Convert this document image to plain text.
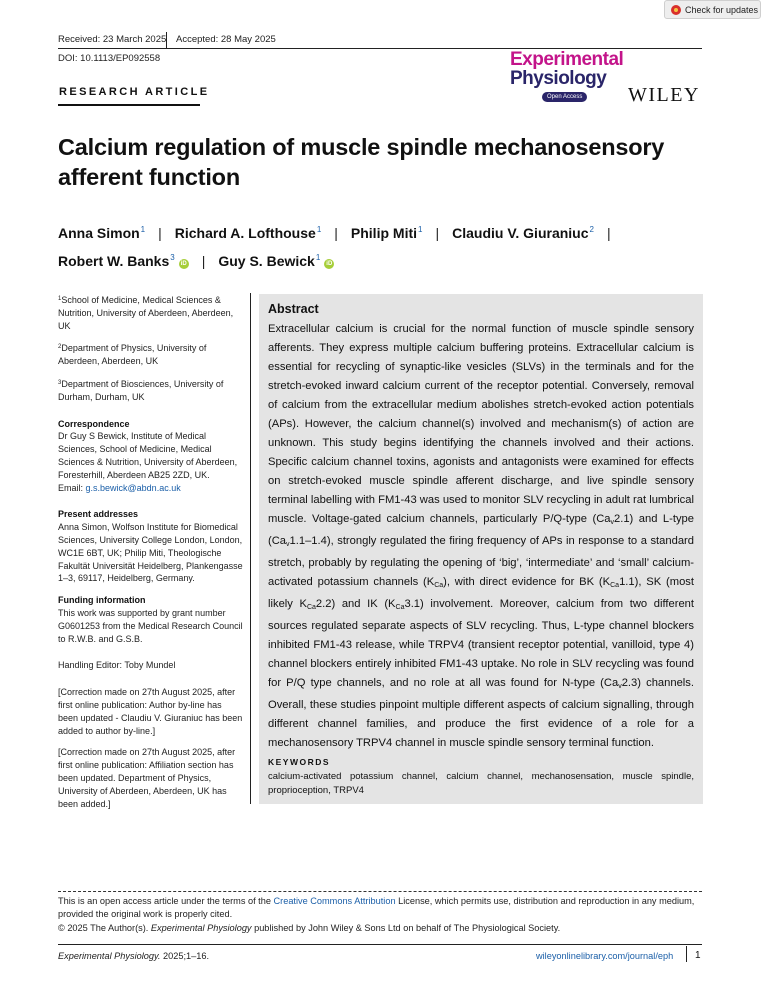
Check for updates
Received: 23 March 2025 Accepted: 28 May 2025
DOI: 10.1113/EP092558
RESEARCH ARTICLE
Experimental
Physiology
Open Access WILEY
Calcium regulation of muscle spindle mechanosensory afferent function
Anna Simon$^1$ | Richard A. Lofthouse$^1$ | Philip Miti$^1$ | Claudiu V. Giuraniuc$^2$ |
Robert W. Banks$^3$iD | Guy S. Bewick$^1$iD
$^1$School of Medicine, Medical Sciences & Nutrition, University of Aberdeen, Aberdeen, UK
$^2$Department of Physics, University of Aberdeen, Aberdeen, UK
$^3$Department of Biosciences, University of Durham, Durham, UK
Correspondence
Dr Guy S Bewick, Institute of Medical Sciences, School of Medicine, Medical Sciences & Nutrition, University of Aberdeen, Foresterhill, Aberdeen AB25 2ZD, UK.
Email: g.s.bewick@abdn.ac.uk
Present addresses
Anna Simon, Wolfson Institute for Biomedical Sciences, University College London, London, WC1E 6BT, UK; Philip Miti, Theologische Fakultät Universität Heidelberg, Plankengasse 1–3, 69117, Heidelberg, Germany.
Funding information
This work was supported by grant number G0601253 from the Medical Research Council to R.W.B. and G.S.B.
Handling Editor: Toby Mundel
[Correction made on 27th August 2025, after first online publication: Author by-line has been updated - Claudiu V. Giuraniuc has been added to author by-line.]
[Correction made on 27th August 2025, after first online publication: Affiliation section has been updated. Department of Physics, University of Aberdeen, Aberdeen, UK has been added.]
Abstract
Extracellular calcium is crucial for the normal function of muscle spindle sensory afferents. They express multiple calcium buffering proteins. Extracellular calcium is essential for recycling of synaptic-like vesicles (SLVs) in the terminals and for the stretch-evoked inward calcium current of the receptor potential. Conversely, removal of calcium from the extracellular medium abolishes stretch-evoked action potentials (APs). However, the calcium channel(s) involved and mechanism(s) of action are unknown. This study begins identifying the channels involved and their actions. Specific calcium channel toxins, agonists and antagonists were examined for effects on stretch-evoked muscle spindle afferent discharge, and live spindle sensory terminal labelling with FM1-43 was used to monitor SLV recycling in adult rat lumbrical muscle. Voltage-gated calcium channels, particularly P/Q-type $(Ca_v2.1)$ and L-type $(Ca_v1.1-1.4)$, strongly regulated the firing frequency of APs in response to a standard stretch, probably by regulating the opening of ‘big’, ‘intermediate’ and ‘small’ calcium-activated potassium channels $(K_{Ca})$, with direct evidence for BK $(K_{Ca}1.1)$, SK (most likely $K_{Ca}2.2$) and IK $(K_{Ca}3.1)$ involvement. Moreover, calcium from two different sources regulated separate aspects of SLV recycling. Thus, L-type channel blockers inhibited FM1-43 release, while TRPV4 (transient receptor potential, vanilloid, type 4) channel blockers entirely inhibited FM1-43 uptake. No role in SLV recycling was found for P/Q type channels, and no role at all was found for N-type $(Ca_v2.3)$ channels. Overall, these studies pinpoint multiple different aspects of calcium signalling, through different channel families, and produce the first evidence of a role for a mechanosensory TRPV4 channel in muscle spindle sensory terminal function.
KEYWORDS
calcium-activated potassium channel, calcium channel, mechanosensation, muscle spindle, proprioception, TRPV4
This is an open access article under the terms of the Creative Commons Attribution License, which permits use, distribution and reproduction in any medium, provided the original work is properly cited.
© 2025 The Author(s). Experimental Physiology published by John Wiley & Sons Ltd on behalf of The Physiological Society.
Experimental Physiology. 2025;1–16.	wileyonlinelibrary.com/journal/eph 1
